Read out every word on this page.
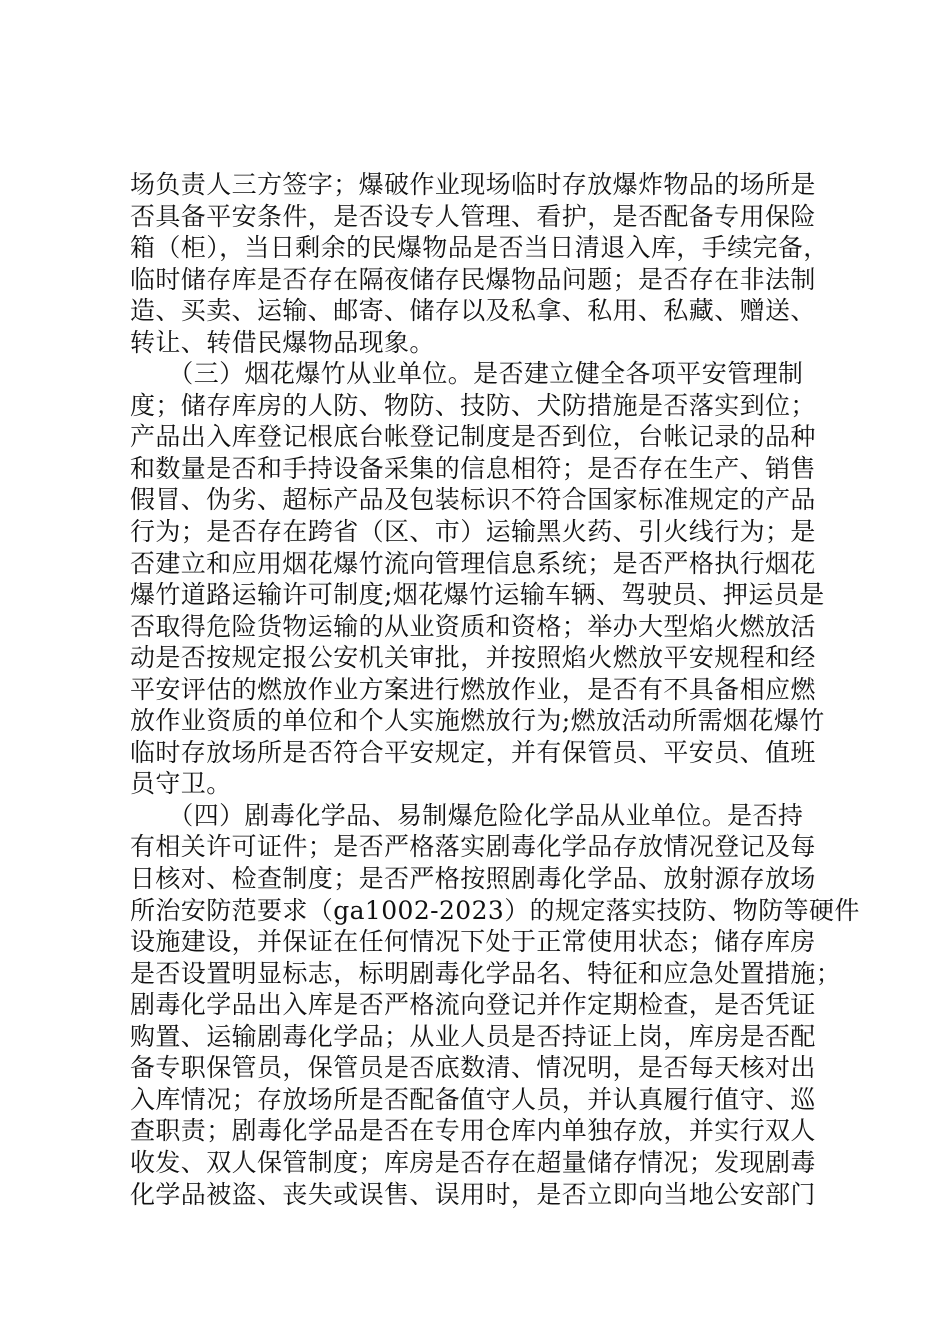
场负责人三方签字；爆破作业现场临时存放爆炸物品的场所是
否具备平安条件，是否设专人管理、看护，是否配备专用保险
箱（柜），当日剩余的民爆物品是否当日清退入库，手续完备，
临时储存库是否存在隔夜储存民爆物品问题；是否存在非法制
造、买卖、运输、邮寄、储存以及私拿、私用、私藏、赠送、
转让、转借民爆物品现象。
　　（三）烟花爆竹从业单位。是否建立健全各项平安管理制
度；储存库房的人防、物防、技防、犬防措施是否落实到位；
产品出入库登记根底台帐登记制度是否到位，台帐记录的品种
和数量是否和手持设备采集的信息相符；是否存在生产、销售
假冒、伪劣、超标产品及包装标识不符合国家标准规定的产品
行为；是否存在跨省（区、市）运输黑火药、引火线行为；是
否建立和应用烟花爆竹流向管理信息系统；是否严格执行烟花
爆竹道路运输许可制度;烟花爆竹运输车辆、驾驶员、押运员是
否取得危险货物运输的从业资质和资格；举办大型焰火燃放活
动是否按规定报公安机关审批，并按照焰火燃放平安规程和经
平安评估的燃放作业方案进行燃放作业，是否有不具备相应燃
放作业资质的单位和个人实施燃放行为;燃放活动所需烟花爆竹
临时存放场所是否符合平安规定，并有保管员、平安员、值班
员守卫。
　　（四）剧毒化学品、易制爆危险化学品从业单位。是否持
有相关许可证件；是否严格落实剧毒化学品存放情况登记及每
日核对、检查制度；是否严格按照剧毒化学品、放射源存放场
所治安防范要求（ga1002-2023）的规定落实技防、物防等硬件
设施建设，并保证在任何情况下处于正常使用状态；储存库房
是否设置明显标志，标明剧毒化学品名、特征和应急处置措施；
剧毒化学品出入库是否严格流向登记并作定期检查，是否凭证
购置、运输剧毒化学品；从业人员是否持证上岗，库房是否配
备专职保管员，保管员是否底数清、情况明，是否每天核对出
入库情况；存放场所是否配备值守人员，并认真履行值守、巡
查职责；剧毒化学品是否在专用仓库内单独存放，并实行双人
收发、双人保管制度；库房是否存在超量储存情况；发现剧毒
化学品被盗、丧失或误售、误用时，是否立即向当地公安部门
